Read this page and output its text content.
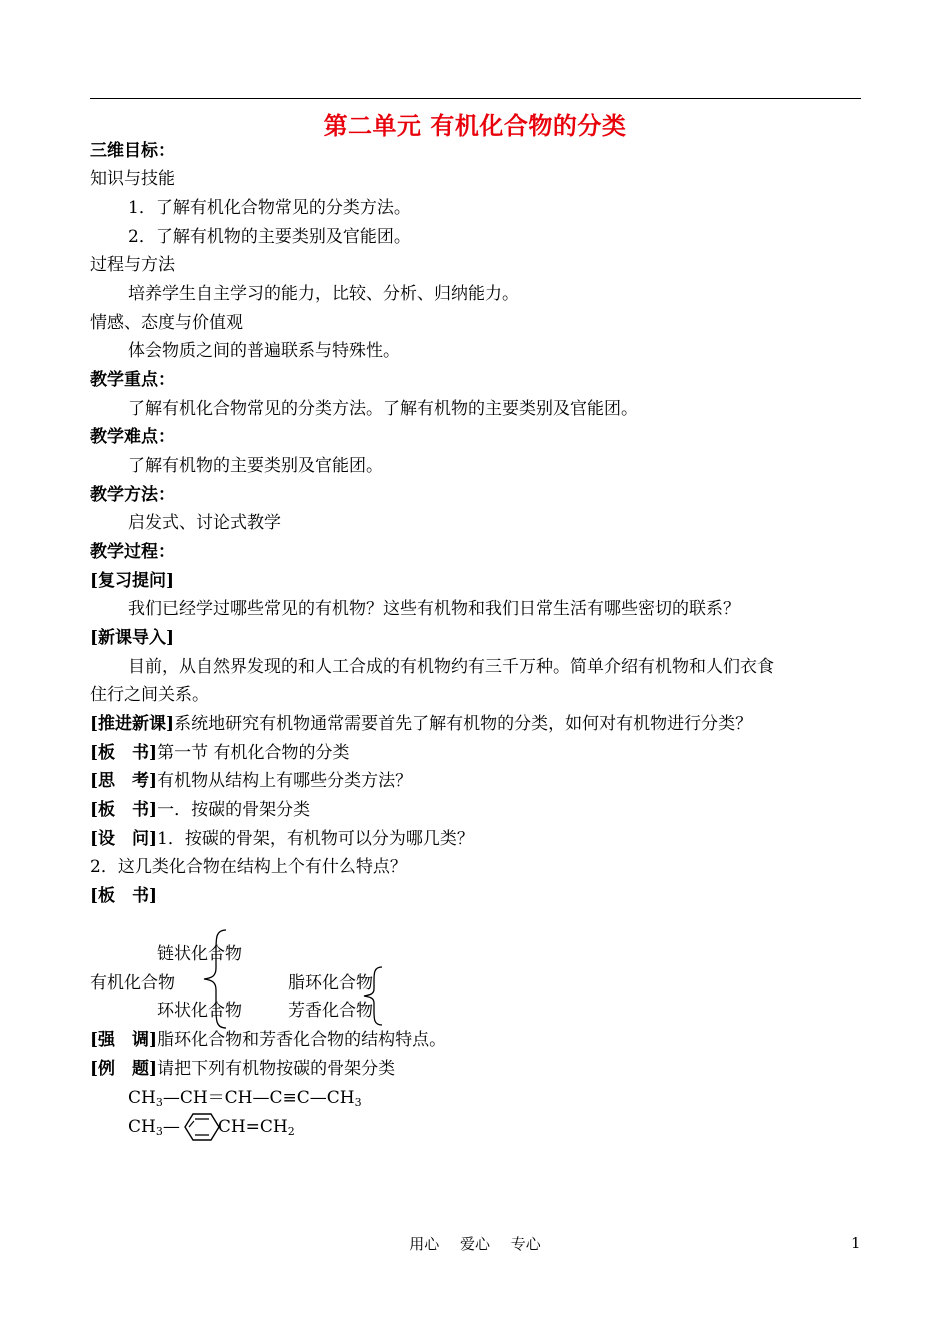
第二单元 有机化合物的分类
三维目标：
知识与技能
1．了解有机化合物常见的分类方法。
2．了解有机物的主要类别及官能团。
过程与方法
培养学生自主学习的能力，比较、分析、归纳能力。
情感、态度与价值观
体会物质之间的普遍联系与特殊性。
教学重点：
了解有机化合物常见的分类方法。了解有机物的主要类别及官能团。
教学难点：
了解有机物的主要类别及官能团。
教学方法：
启发式、讨论式教学
教学过程：
[复习提问]
我们已经学过哪些常见的有机物？这些有机物和我们日常生活有哪些密切的联系？
[新课导入]
目前，从自然界发现的和人工合成的有机物约有三千万种。简单介绍有机物和人们衣食
住行之间关系。
[推进新课]系统地研究有机物通常需要首先了解有机物的分类，如何对有机物进行分类？
[板　书]第一节 有机化合物的分类
[思　考]有机物从结构上有哪些分类方法？
[板　书]一．按碳的骨架分类
[设　问]1．按碳的骨架，有机物可以分为哪几类？
2．这几类化合物在结构上个有什么特点？
[板　书]
链状化合物
有机化合物
环状化合物
脂环化合物
芳香化合物
[强　调]脂环化合物和芳香化合物的结构特点。
[例　题]请把下列有机物按碳的骨架分类
$CH_3—CH=CH—C\equiv C—CH_3$
$CH_3—$ $CH=CH_2$
用心 爱心 专心	1
